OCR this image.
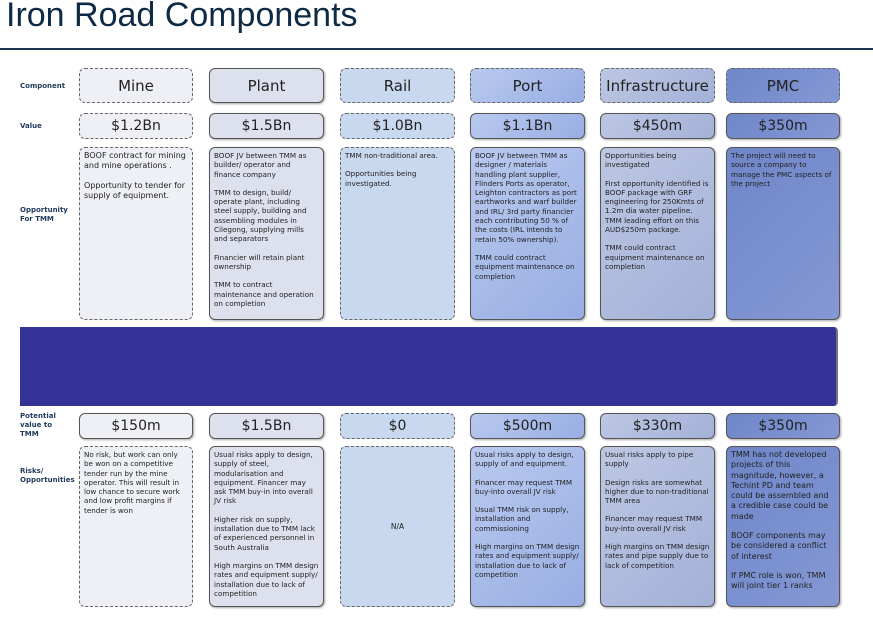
Iron Road Components
Component
Value
Opportunity For TMM
Potential value to TMM
Risks/ Opportunities
Mine
$1.2Bn

BOOF contract for mining and mine operations .

Opportunity to tender for supply of equipment.

$150m

No risk, but work can only be won on a competitive tender run by the mine operator. This will result in low chance to secure work and low profit margins if tender is won

Plant
$1.5Bn

BOOF JV between TMM as builder/ operator and finance company

TMM to design, build/ operate plant, including steel supply, building and assembling modules in Cilegong, supplying mills and separators

Financier will retain plant ownership

TMM to contract maintenance and operation on completion

$1.5Bn

Usual risks apply to design, supply of steel, modularisation and equipment. Financer may ask TMM buy-in into overall JV risk

Higher risk on supply, installation due to TMM lack of experienced personnel in South Australia

High margins on TMM design rates and equipment supply/ installation due to lack of competition

Rail
$1.0Bn

TMM non-traditional area.

Opportunities being investigated.

$0
N/A
Port
$1.1Bn

BOOF JV between TMM as designer / materials handling plant supplier, Flinders Ports as operator, Leighton contractors as port earthworks and warf builder and IRL/ 3rd party financier each contributing 50 % of the costs (IRL intends to retain 50% ownership).

TMM could contract equipment maintenance on completion

$500m

Usual risks apply to design, supply of and equipment.

Financer may request TMM buy-into overall JV risk

Usual TMM risk on supply, installation and commissioning

High margins on TMM design rates and equipment supply/ installation due to lack of competition

Infrastructure
$450m

Opportunities being investigated

First opportunity identified is BOOF package with GRF engineering for 250Kmts of 1.2m dia water pipeline. TMM leading effort on this AUD$250m package.

TMM could contract equipment maintenance on completion

$330m

Usual risks apply to pipe supply

Design risks are somewhat higher due to non-traditional TMM area

Financer may request TMM buy-into overall JV risk

High margins on TMM design rates and pipe supply due to lack of competition

PMC
$350m

The project will need to source a company to manage the PMC aspects of the project

$350m

TMM has not developed projects of this magnitude, however, a Techint PD and team could be assembled and a credible case could be made

BOOF components may be considered a conflict of interest

If PMC role is won, TMM will joint tier 1 ranks
